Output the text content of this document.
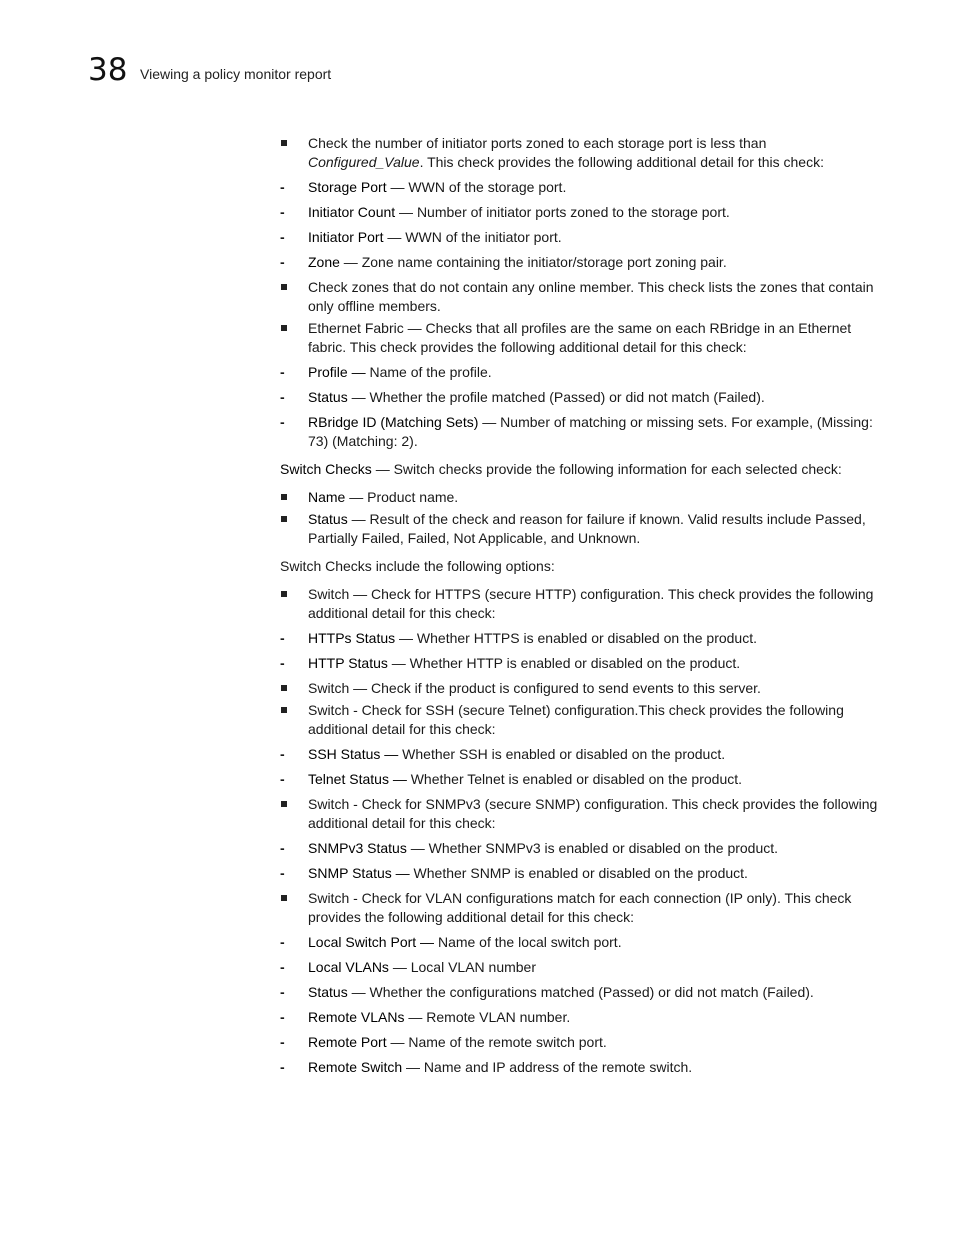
38 Viewing a policy monitor report
Check the number of initiator ports zoned to each storage port is less than Configured_Value. This check provides the following additional detail for this check:
- Storage Port — WWN of the storage port.
- Initiator Count — Number of initiator ports zoned to the storage port.
- Initiator Port — WWN of the initiator port.
- Zone — Zone name containing the initiator/storage port zoning pair.
Check zones that do not contain any online member. This check lists the zones that contain only offline members.
Ethernet Fabric — Checks that all profiles are the same on each RBridge in an Ethernet fabric. This check provides the following additional detail for this check:
- Profile — Name of the profile.
- Status — Whether the profile matched (Passed) or did not match (Failed).
- RBridge ID (Matching Sets) — Number of matching or missing sets. For example, (Missing: 73) (Matching: 2).
Switch Checks — Switch checks provide the following information for each selected check:
Name — Product name.
Status — Result of the check and reason for failure if known. Valid results include Passed, Partially Failed, Failed, Not Applicable, and Unknown.
Switch Checks include the following options:
Switch — Check for HTTPS (secure HTTP) configuration. This check provides the following additional detail for this check:
- HTTPs Status — Whether HTTPS is enabled or disabled on the product.
- HTTP Status — Whether HTTP is enabled or disabled on the product.
Switch — Check if the product is configured to send events to this server.
Switch - Check for SSH (secure Telnet) configuration.This check provides the following additional detail for this check:
- SSH Status — Whether SSH is enabled or disabled on the product.
- Telnet Status — Whether Telnet is enabled or disabled on the product.
Switch - Check for SNMPv3 (secure SNMP) configuration. This check provides the following additional detail for this check:
- SNMPv3 Status — Whether SNMPv3 is enabled or disabled on the product.
- SNMP Status — Whether SNMP is enabled or disabled on the product.
Switch - Check for VLAN configurations match for each connection (IP only). This check provides the following additional detail for this check:
- Local Switch Port — Name of the local switch port.
- Local VLANs — Local VLAN number
- Status — Whether the configurations matched (Passed) or did not match (Failed).
- Remote VLANs — Remote VLAN number.
- Remote Port — Name of the remote switch port.
- Remote Switch — Name and IP address of the remote switch.
